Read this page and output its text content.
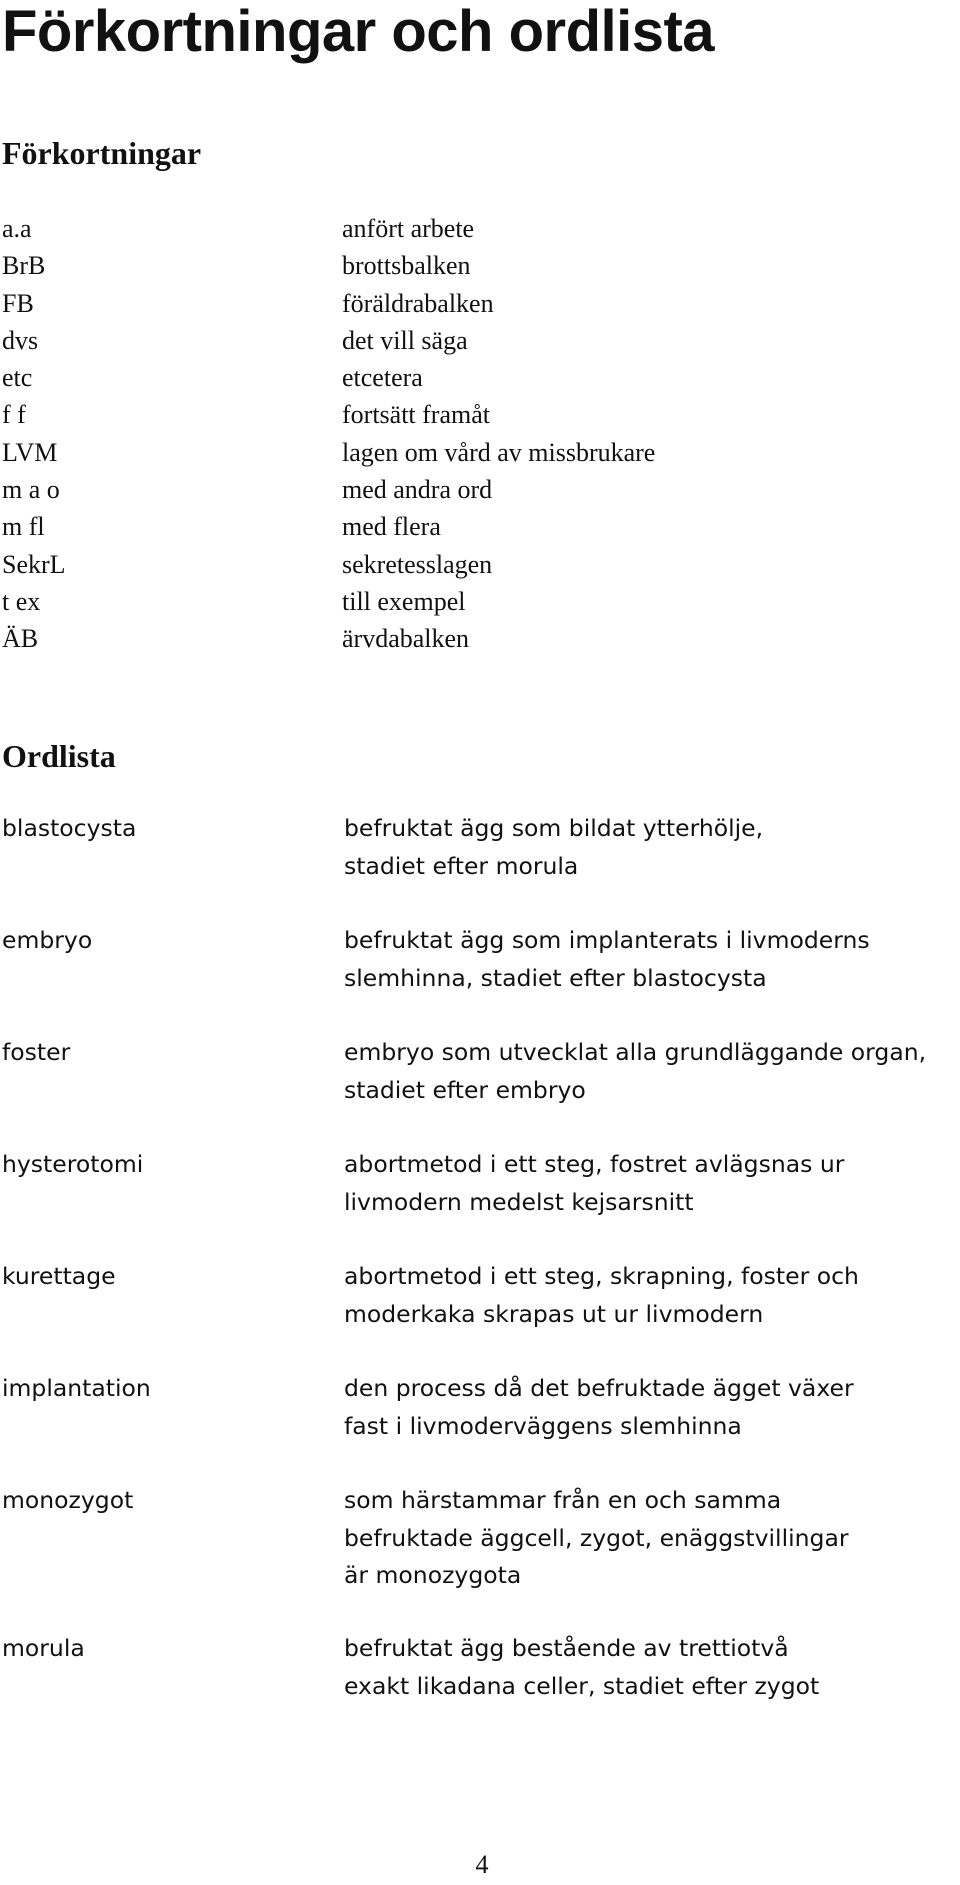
Förkortningar och ordlista
Förkortningar
a.a	anfört arbete
BrB	brottsbalken
FB	föräldrabalken
dvs	det vill säga
etc	etcetera
f f	fortsätt framåt
LVM	lagen om vård av missbrukare
m a o	med andra ord
m fl	med flera
SekrL	sekretesslagen
t ex	till exempel
ÄB	ärvdabalken
Ordlista
blastocysta	befruktat ägg som bildat ytterhölje,
stadiet efter morula
embryo	befruktat ägg som implanterats i livmoderns
slemhinna, stadiet efter blastocysta
foster	embryo som utvecklat alla grundläggande organ,
stadiet efter embryo
hysterotomi	abortmetod i ett steg, fostret avlägsnas ur
livmodern medelst kejsarsnitt
kurettage	abortmetod i ett steg, skrapning, foster och
moderkaka skrapas ut ur livmodern
implantation	den process då det befruktade ägget växer
fast i livmoderväggens slemhinna
monozygot	som härstammar från en och samma
befruktade äggcell, zygot, enäggstvillingar
är monozygota
morula	befruktat ägg bestående av trettiotvå
exakt likadana celler, stadiet efter zygot
4
